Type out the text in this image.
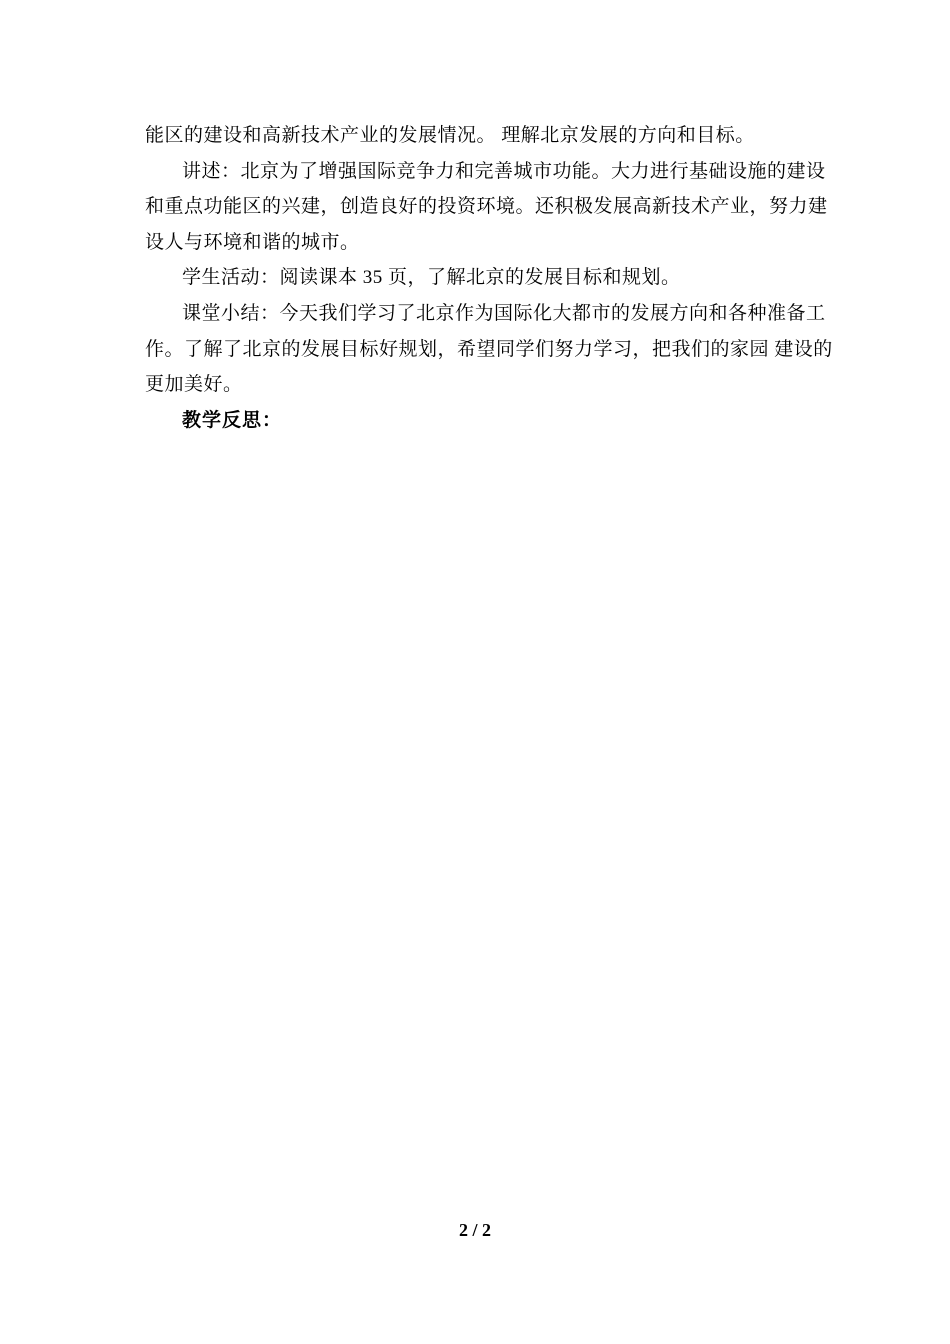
能区的建设和高新技术产业的发展情况。 理解北京发展的方向和目标。
讲述：北京为了增强国际竞争力和完善城市功能。大力进行基础设施的建设
和重点功能区的兴建，创造良好的投资环境。还积极发展高新技术产业，努力建
设人与环境和谐的城市。
学生活动：阅读课本 35 页，了解北京的发展目标和规划。
课堂小结：今天我们学习了北京作为国际化大都市的发展方向和各种准备工
作。了解了北京的发展目标好规划，希望同学们努力学习，把我们的家园 建设的
更加美好。
教学反思：
2 / 2
